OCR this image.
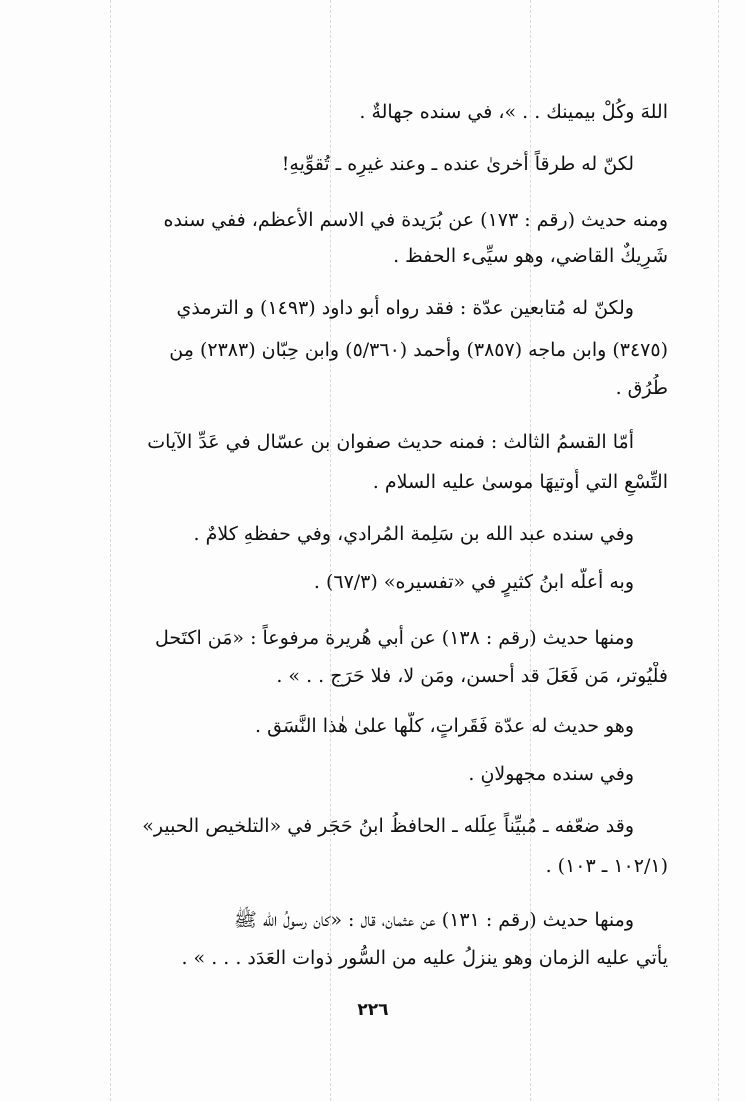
اللهَ وكُلْ بيمينك . . »، في سنده جهالةٌ .
لكنّ له طرقاً أُخرىٰ عنده ـ وعند غيرِه ـ تُقوِّيهِ!
ومنه حديث (رقم : ١٧٣) عن بُرَيدة في الاسم الأعظم، ففي سنده
شَرِيكٌ القاضي، وهو سيِّىء الحفظ .
ولكنّ له مُتابعين عدّة : فقد رواه أبو داود (١٤٩٣) و الترمذي
(٣٤٧٥) وابن ماجه (٣٨٥٧) وأحمد (٥/٣٦٠) وابن حِبّان (٢٣٨٣) مِن
طُرُق .
أمّا القسمُ الثالث : فمنه حديث صفوان بن عسّال في عَدِّ الآيات
التِّسْعِ التي أُوتيهَا موسىٰ عليه السلام .
وفي سنده عبد الله بن سَلِمة المُرادي، وفي حفظهِ كلامٌ .
وبه أعلّه ابنُ كثيرٍ في «تفسيره» (٦٧/٣) .
ومنها حديث (رقم : ١٣٨) عن أبي هُريرة مرفوعاً : «مَن اكتَحل
فلْيُوتر، مَن فَعَلَ قد أحسن، ومَن لا، فلا حَرَج . . » .
وهو حديث له عدّة فَقَراتٍ، كلُّها علىٰ هٰذا النَّسَق .
وفي سنده مجهولانِ .
وقد ضعّفه ـ مُبيِّناً عِلَله ـ الحافظُ ابنُ حَجَر في «التلخيص الحبير»
(١٠٢/١ ـ ١٠٣) .
ومنها حديث (رقم : ١٣١) عن عثمان، قال : «كان رسولُ الله ﷺ
يأتي عليه الزمان وهو ينزلُ عليه من السُّور ذوات العَدَد . . . » .
٢٢٦
